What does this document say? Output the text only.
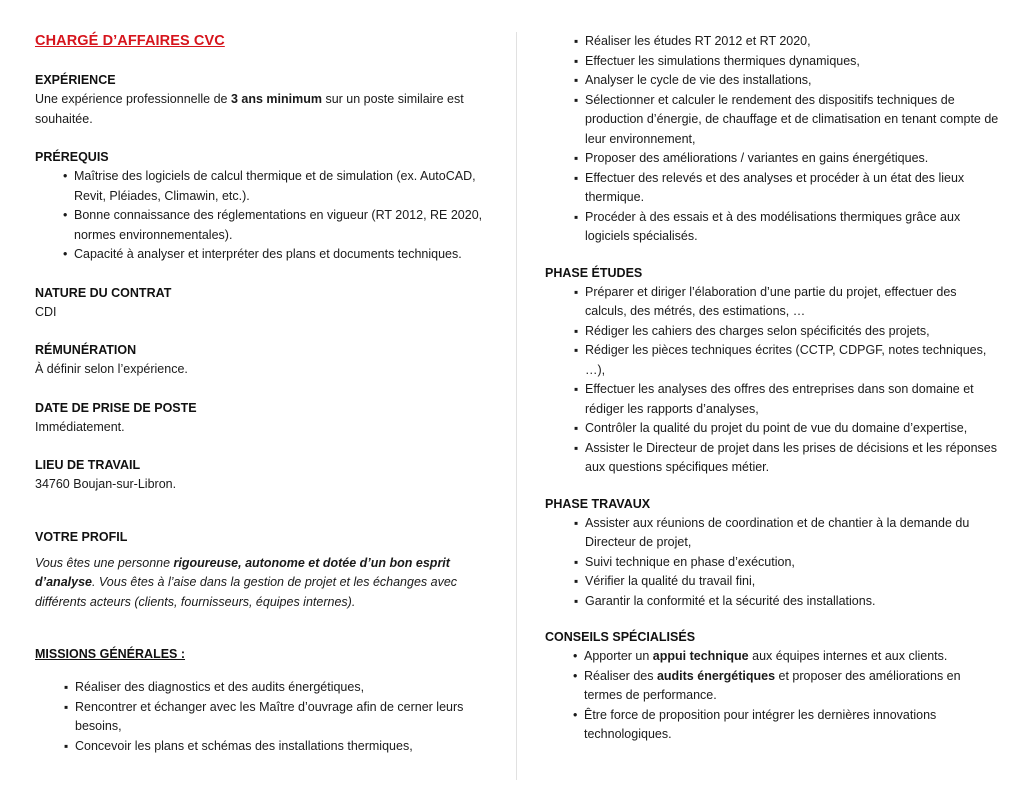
CHARGÉ D’AFFAIRES CVC
EXPÉRIENCE

Une expérience professionnelle de 3 ans minimum sur un poste similaire est souhaitée.

PRÉREQUIS
• Maîtrise des logiciels de calcul thermique et de simulation (ex. AutoCAD, Revit, Pléiades, Climawin, etc.).
• Bonne connaissance des réglementations en vigueur (RT 2012, RE 2020, normes environnementales).
• Capacité à analyser et interpréter des plans et documents techniques.
NATURE DU CONTRAT

CDI

RÉMUNÉRATION

À définir selon l’expérience.

DATE DE PRISE DE POSTE

Immédiatement.

LIEU DE TRAVAIL

34760 Boujan-sur-Libron.

VOTRE PROFIL

Vous êtes une personne rigoureuse, autonome et dotée d’un bon esprit d’analyse. Vous êtes à l’aise dans la gestion de projet et les échanges avec différents acteurs (clients, fournisseurs, équipes internes).

MISSIONS GÉNÉRALES :
▪ Réaliser des diagnostics et des audits énergétiques,
▪ Rencontrer et échanger avec les Maître d’ouvrage afin de cerner leurs besoins,
▪ Concevoir les plans et schémas des installations thermiques,
▪ Réaliser les études RT 2012 et RT 2020,
▪ Effectuer les simulations thermiques dynamiques,
▪ Analyser le cycle de vie des installations,
▪ Sélectionner et calculer le rendement des dispositifs techniques de production d’énergie, de chauffage et de climatisation en tenant compte de leur environnement,
▪ Proposer des améliorations / variantes en gains énergétiques.
▪ Effectuer des relevés et des analyses et procéder à un état des lieux thermique.
▪ Procéder à des essais et à des modélisations thermiques grâce aux logiciels spécialisés.
PHASE ÉTUDES
▪ Préparer et diriger l’élaboration d’une partie du projet, effectuer des calculs, des métrés, des estimations, …
▪ Rédiger les cahiers des charges selon spécificités des projets,
▪ Rédiger les pièces techniques écrites (CCTP, CDPGF, notes techniques, …),
▪ Effectuer les analyses des offres des entreprises dans son domaine et rédiger les rapports d’analyses,
▪ Contrôler la qualité du projet du point de vue du domaine d’expertise,
▪ Assister le Directeur de projet dans les prises de décisions et les réponses aux questions spécifiques métier.
PHASE TRAVAUX
▪ Assister aux réunions de coordination et de chantier à la demande du Directeur de projet,
▪ Suivi technique en phase d’exécution,
▪ Vérifier la qualité du travail fini,
▪ Garantir la conformité et la sécurité des installations.
CONSEILS SPÉCIALISÉS
• Apporter un appui technique aux équipes internes et aux clients.
• Réaliser des audits énergétiques et proposer des améliorations en termes de performance.
• Être force de proposition pour intégrer les dernières innovations technologiques.
